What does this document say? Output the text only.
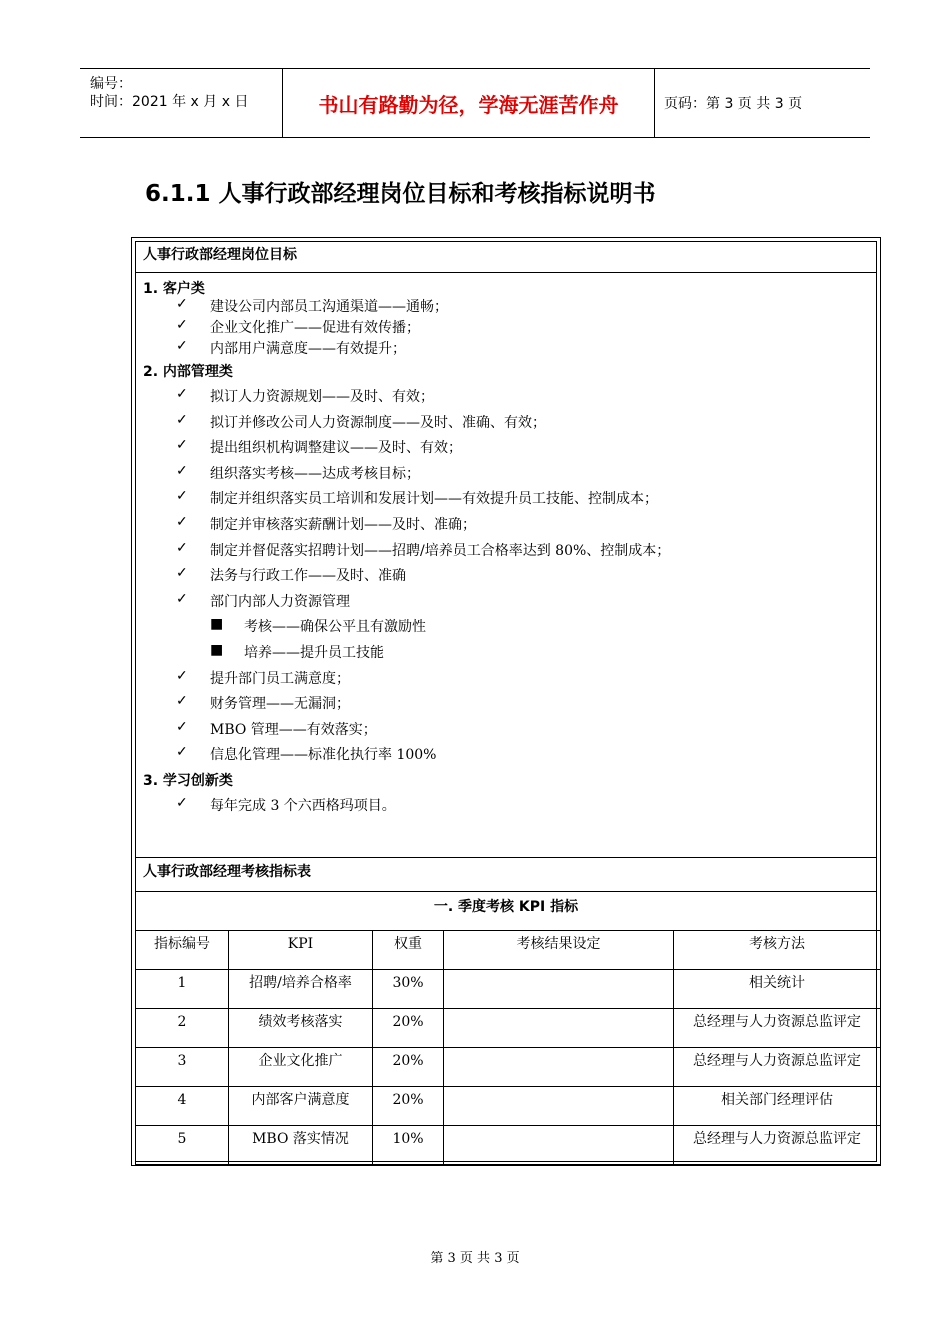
编号：
时间：2021 年 x 月 x 日	书山有路勤为径，学海无涯苦作舟	页码：第 3 页 共 3 页
6.1.1 人事行政部经理岗位目标和考核指标说明书
人事行政部经理岗位目标
1. 客户类
✓ 建设公司内部员工沟通渠道——通畅；
✓ 企业文化推广——促进有效传播；
✓ 内部用户满意度——有效提升；
2. 内部管理类
✓ 拟订人力资源规划——及时、有效；
✓ 拟订并修改公司人力资源制度——及时、准确、有效；
✓ 提出组织机构调整建议——及时、有效；
✓ 组织落实考核——达成考核目标；
✓ 制定并组织落实员工培训和发展计划——有效提升员工技能、控制成本；
✓ 制定并审核落实薪酬计划——及时、准确；
✓ 制定并督促落实招聘计划——招聘/培养员工合格率达到 80%、控制成本；
✓ 法务与行政工作——及时、准确
✓ 部门内部人力资源管理
■ 考核——确保公平且有激励性
■ 培养——提升员工技能
✓ 提升部门员工满意度；
✓ 财务管理——无漏洞；
✓ MBO 管理——有效落实；
✓ 信息化管理——标准化执行率 100%
3. 学习创新类
✓ 每年完成 3 个六西格玛项目。
人事行政部经理考核指标表
一. 季度考核 KPI 指标
指标编号	KPI	权重	考核结果设定	考核方法
1	招聘/培养合格率	30%		相关统计
2	绩效考核落实	20%		总经理与人力资源总监评定
3	企业文化推广	20%		总经理与人力资源总监评定
4	内部客户满意度	20%		相关部门经理评估
5	MBO 落实情况	10%		总经理与人力资源总监评定
第 3 页 共 3 页
